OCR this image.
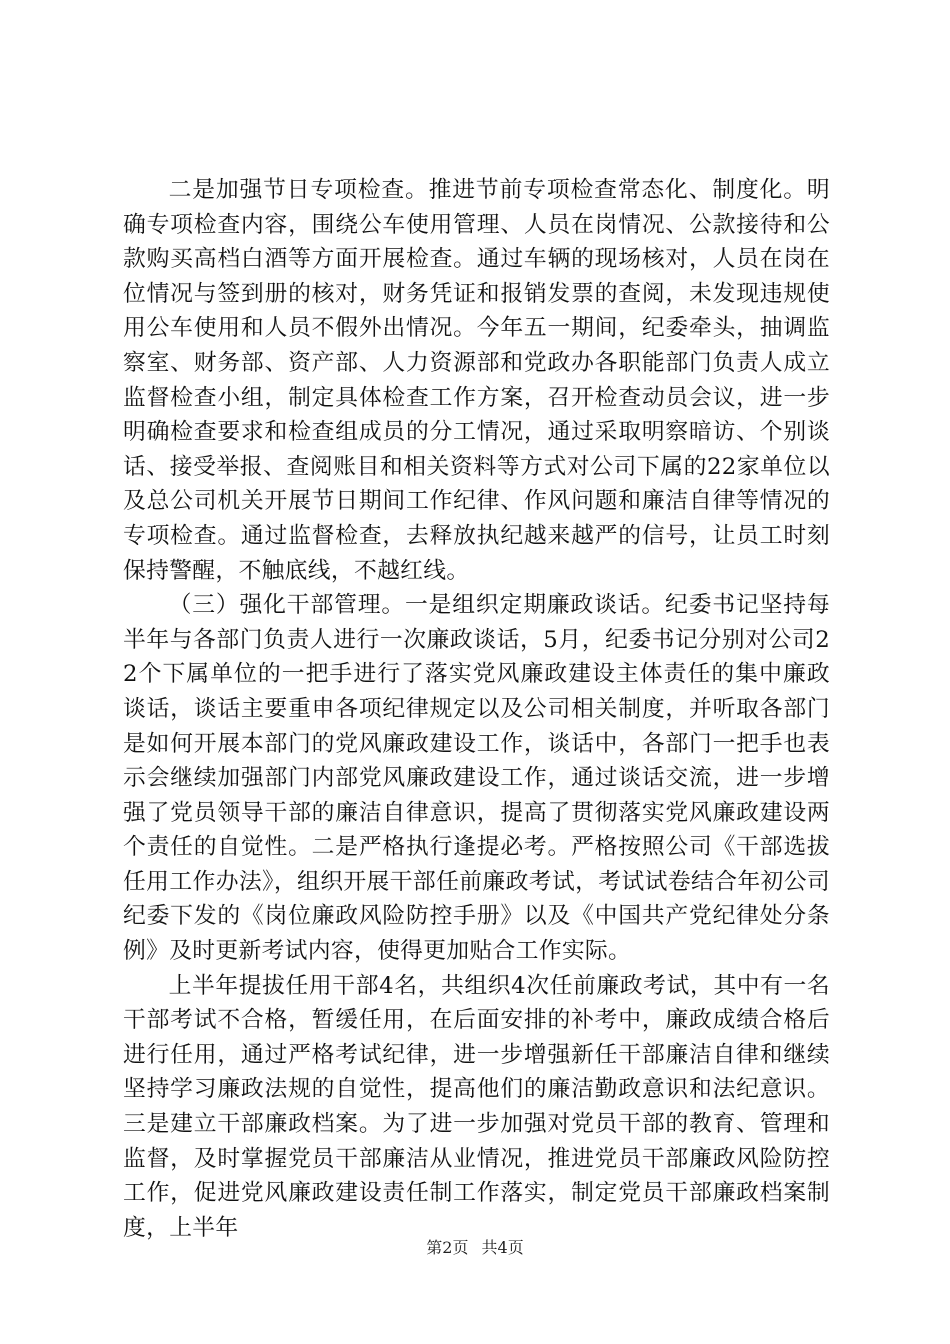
二是加强节日专项检查。推进节前专项检查常态化、制度化。明确专项检查内容，围绕公车使用管理、人员在岗情况、公款接待和公款购买高档白酒等方面开展检查。通过车辆的现场核对，人员在岗在位情况与签到册的核对，财务凭证和报销发票的查阅，未发现违规使用公车使用和人员不假外出情况。今年五一期间，纪委牵头，抽调监察室、财务部、资产部、人力资源部和党政办各职能部门负责人成立监督检查小组，制定具体检查工作方案，召开检查动员会议，进一步明确检查要求和检查组成员的分工情况，通过采取明察暗访、个别谈话、接受举报、查阅账目和相关资料等方式对公司下属的22家单位以及总公司机关开展节日期间工作纪律、作风问题和廉洁自律等情况的专项检查。通过监督检查，去释放执纪越来越严的信号，让员工时刻保持警醒，不触底线，不越红线。

（三）强化干部管理。一是组织定期廉政谈话。纪委书记坚持每半年与各部门负责人进行一次廉政谈话，5月，纪委书记分别对公司22个下属单位的一把手进行了落实党风廉政建设主体责任的集中廉政谈话，谈话主要重申各项纪律规定以及公司相关制度，并听取各部门是如何开展本部门的党风廉政建设工作，谈话中，各部门一把手也表示会继续加强部门内部党风廉政建设工作，通过谈话交流，进一步增强了党员领导干部的廉洁自律意识，提高了贯彻落实党风廉政建设两个责任的自觉性。二是严格执行逢提必考。严格按照公司《干部选拔任用工作办法》，组织开展干部任前廉政考试，考试试卷结合年初公司纪委下发的《岗位廉政风险防控手册》以及《中国共产党纪律处分条例》及时更新考试内容，使得更加贴合工作实际。

上半年提拔任用干部4名，共组织4次任前廉政考试，其中有一名干部考试不合格，暂缓任用，在后面安排的补考中，廉政成绩合格后进行任用，通过严格考试纪律，进一步增强新任干部廉洁自律和继续坚持学习廉政法规的自觉性，提高他们的廉洁勤政意识和法纪意识。三是建立干部廉政档案。为了进一步加强对党员干部的教育、管理和监督，及时掌握党员干部廉洁从业情况，推进党员干部廉政风险防控工作，促进党风廉政建设责任制工作落实，制定党员干部廉政档案制度，上半年

第2页 共4页
